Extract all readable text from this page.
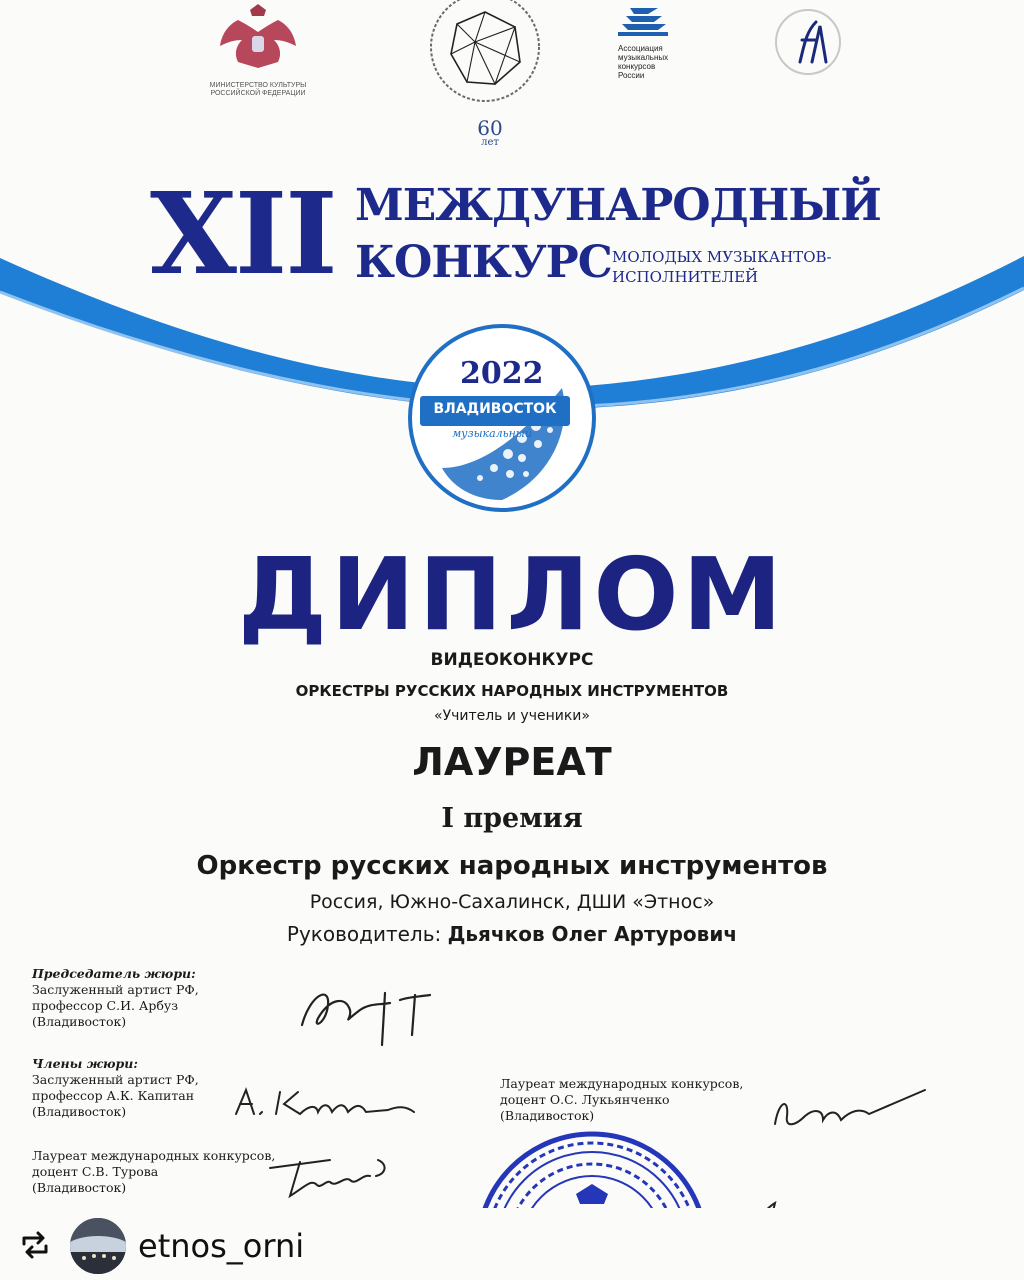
МИНИСТЕРСТВО КУЛЬТУРЫ
РОССИЙСКОЙ ФЕДЕРАЦИИ
60
лет
Ассоциация
музыкальных
конкурсов
России
XII МЕЖДУНАРОДНЫЙ
КОНКУРС МОЛОДЫХ МУЗЫКАНТОВ-
ИСПОЛНИТЕЛЕЙ
2022
ВЛАДИВОСТОК
музыкальный
ДИПЛОМ
ВИДЕОКОНКУРС
ОРКЕСТРЫ РУССКИХ НАРОДНЫХ ИНСТРУМЕНТОВ
«Учитель и ученики»
ЛАУРЕАТ
I премия
Оркестр русских народных инструментов
Россия, Южно-Сахалинск, ДШИ «Этнос»
Руководитель: Дьячков Олег Артурович
Председатель жюри:
Заслуженный артист РФ,
профессор С.И. Арбуз
(Владивосток)
Члены жюри:
Заслуженный артист РФ,
профессор А.К. Капитан
(Владивосток)
Лауреат международных конкурсов,
доцент С.В. Турова
(Владивосток)
Лауреат международных конкурсов,
доцент О.С. Лукьянченко
(Владивосток)
etnos_orni
